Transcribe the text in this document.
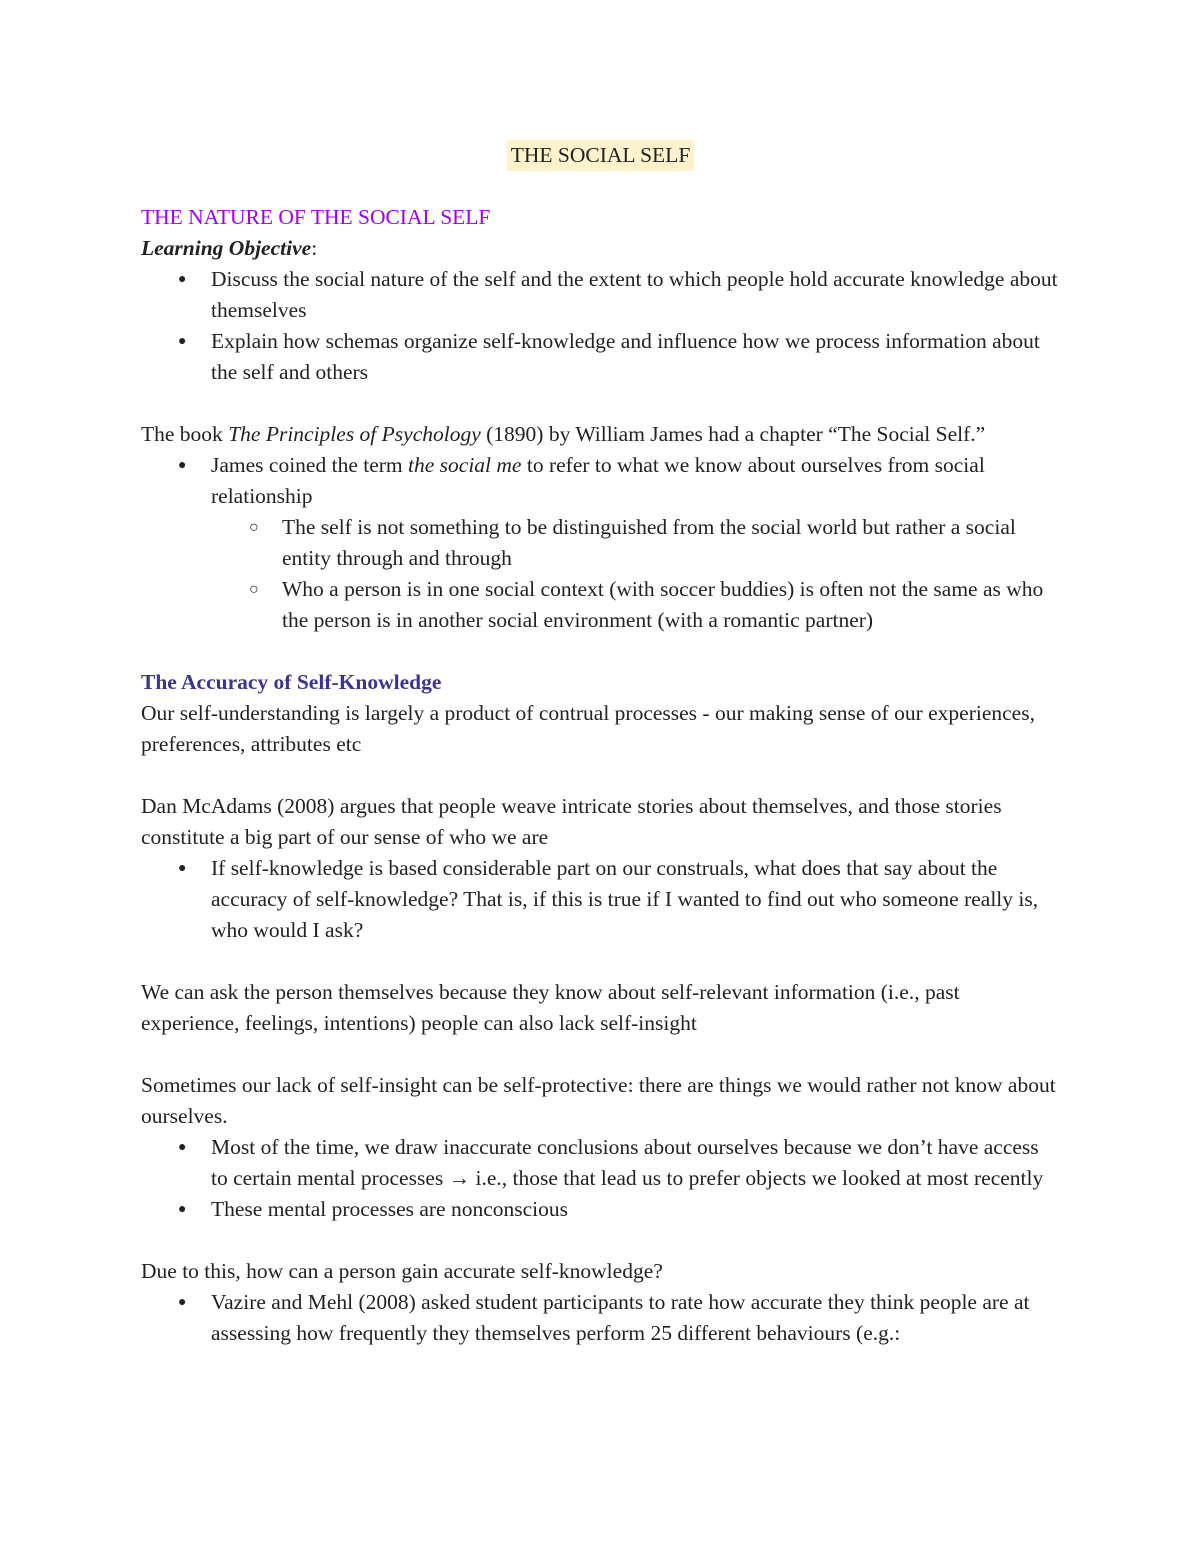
THE SOCIAL SELF

THE NATURE OF THE SOCIAL SELF

Learning Objective:

● Discuss the social nature of the self and the extent to which people hold accurate knowledge about themselves
● Explain how schemas organize self-knowledge and influence how we process information about the self and others

The book The Principles of Psychology (1890) by William James had a chapter “The Social Self.”

● James coined the term the social me to refer to what we know about ourselves from social relationship
○ The self is not something to be distinguished from the social world but rather a social entity through and through
○ Who a person is in one social context (with soccer buddies) is often not the same as who the person is in another social environment (with a romantic partner)

The Accuracy of Self-Knowledge

Our self-understanding is largely a product of contrual processes - our making sense of our experiences, preferences, attributes etc

Dan McAdams (2008) argues that people weave intricate stories about themselves, and those stories constitute a big part of our sense of who we are

● If self-knowledge is based considerable part on our construals, what does that say about the accuracy of self-knowledge? That is, if this is true if I wanted to find out who someone really is, who would I ask?

We can ask the person themselves because they know about self-relevant information (i.e., past experience, feelings, intentions) people can also lack self-insight

Sometimes our lack of self-insight can be self-protective: there are things we would rather not know about ourselves.

● Most of the time, we draw inaccurate conclusions about ourselves because we don’t have access to certain mental processes → i.e., those that lead us to prefer objects we looked at most recently
● These mental processes are nonconscious

Due to this, how can a person gain accurate self-knowledge?

● Vazire and Mehl (2008) asked student participants to rate how accurate they think people are at assessing how frequently they themselves perform 25 different behaviours (e.g.:
